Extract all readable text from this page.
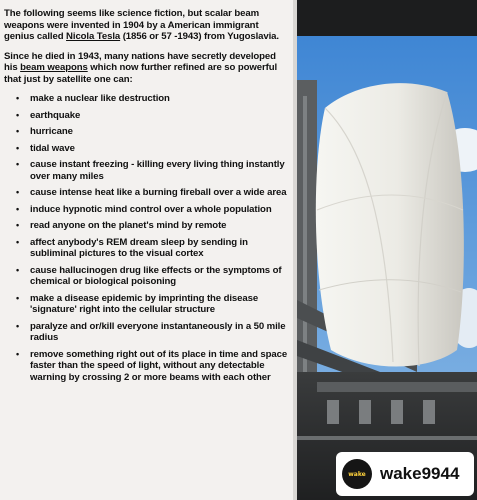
The following seems like science fiction, but scalar beam weapons were invented in 1904 by a American immigrant genius called Nicola Tesla (1856 or 57 -1943) from Yugoslavia.

Since he died in 1943, many nations have secretly developed his beam weapons which now further refined are so powerful that just by satellite one can:

• make a nuclear like destruction
• earthquake
• hurricane
• tidal wave
• cause instant freezing - killing every living thing instantly over many miles
• cause intense heat like a burning fireball over a wide area
• induce hypnotic mind control over a whole population
• read anyone on the planet's mind by remote
• affect anybody's REM dream sleep by sending in subliminal pictures to the visual cortex
• cause hallucinogen drug like effects or the symptoms of chemical or biological poisoning
• make a disease epidemic by imprinting the disease 'signature' right into the cellular structure
• paralyze and or/kill everyone instantaneously in a 50 mile radius
• remove something right out of its place in time and space faster than the speed of light, without any detectable warning by crossing 2 or more beams with each other
wake wake9944
